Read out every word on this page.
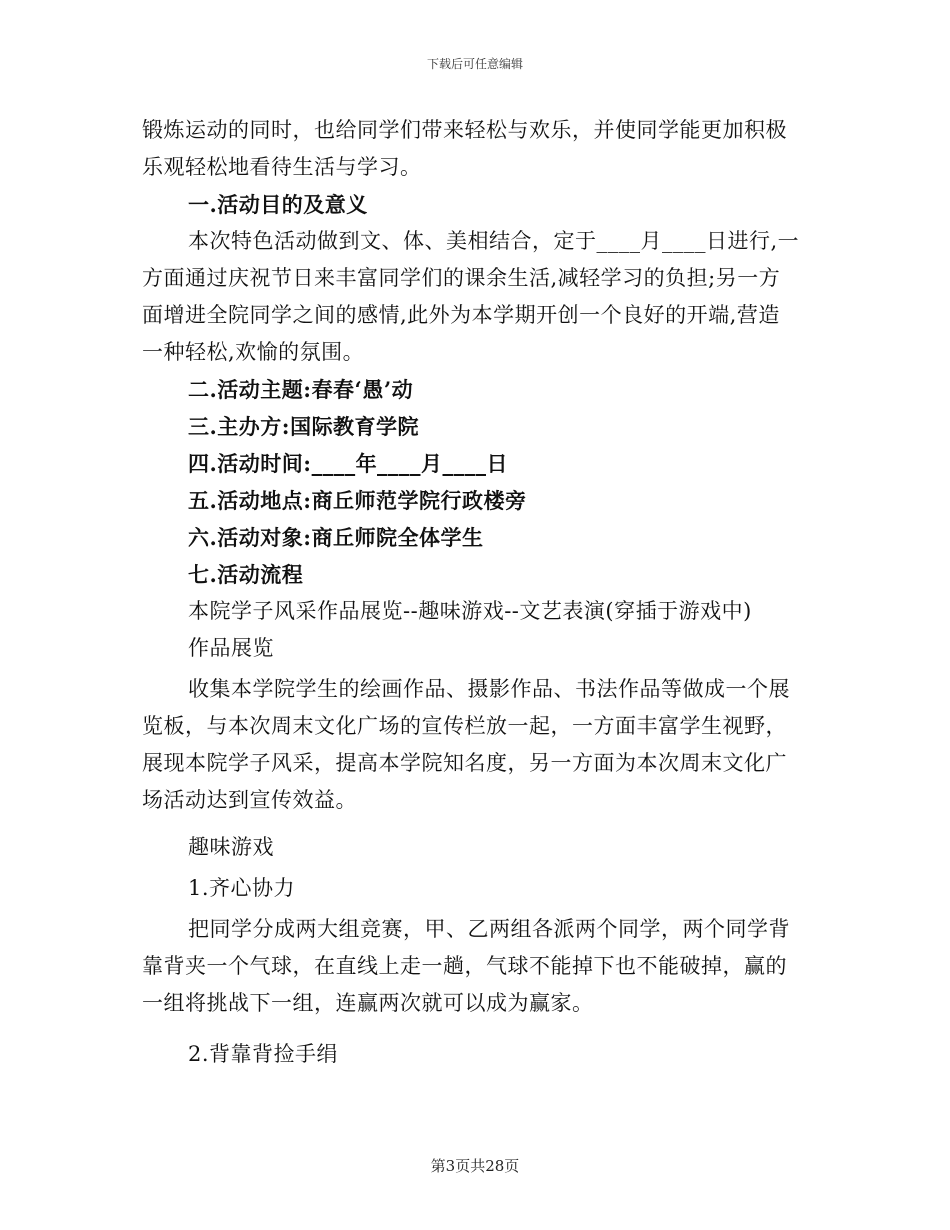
下载后可任意编辑
锻炼运动的同时，也给同学们带来轻松与欢乐，并使同学能更加积极
乐观轻松地看待生活与学习。
一.活动目的及意义
本次特色活动做到文、体、美相结合，定于____月____日进行,一
方面通过庆祝节日来丰富同学们的课余生活,减轻学习的负担;另一方
面增进全院同学之间的感情,此外为本学期开创一个良好的开端,营造
一种轻松,欢愉的氛围。
二.活动主题:春春‘愚’动
三.主办方:国际教育学院
四.活动时间:____年____月____日
五.活动地点:商丘师范学院行政楼旁
六.活动对象:商丘师院全体学生
七.活动流程
本院学子风采作品展览--趣味游戏--文艺表演(穿插于游戏中)
作品展览
收集本学院学生的绘画作品、摄影作品、书法作品等做成一个展
览板，与本次周末文化广场的宣传栏放一起，一方面丰富学生视野，
展现本院学子风采，提高本学院知名度，另一方面为本次周末文化广
场活动达到宣传效益。
趣味游戏
1.齐心协力
把同学分成两大组竞赛，甲、乙两组各派两个同学，两个同学背
靠背夹一个气球，在直线上走一趟，气球不能掉下也不能破掉，赢的
一组将挑战下一组，连赢两次就可以成为赢家。
2.背靠背捡手绢
第3页共28页
